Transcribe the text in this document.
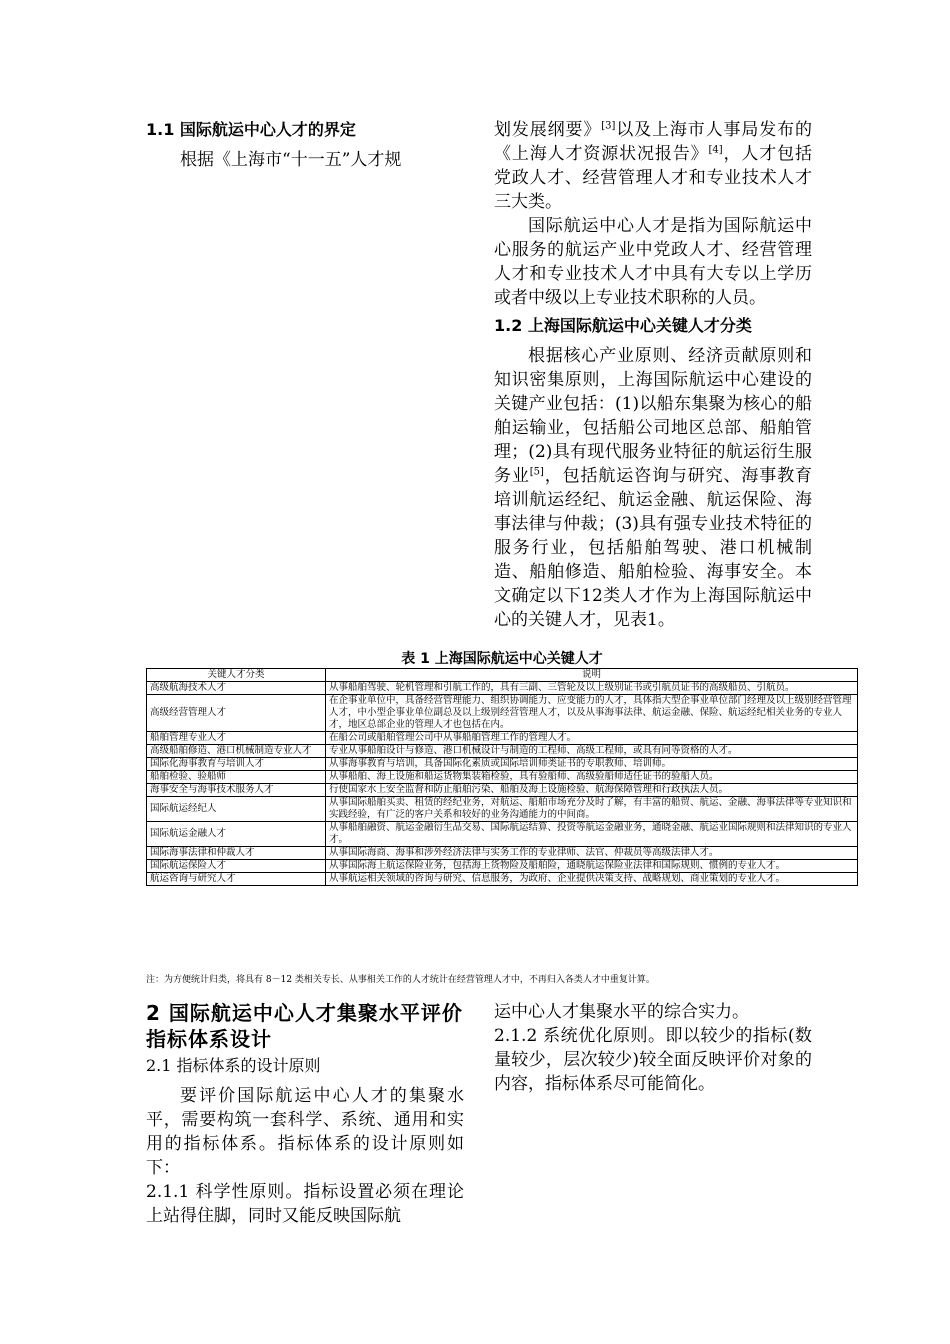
1.1 国际航运中心人才的界定

根据《上海市“十一五”人才规

划发展纲要》[3]以及上海市人事局发布的《上海人才资源状况报告》[4]，人才包括党政人才、经营管理人才和专业技术人才三大类。

国际航运中心人才是指为国际航运中心服务的航运产业中党政人才、经营管理人才和专业技术人才中具有大专以上学历或者中级以上专业技术职称的人员。

1.2 上海国际航运中心关键人才分类

根据核心产业原则、经济贡献原则和知识密集原则，上海国际航运中心建设的关键产业包括：(1)以船东集聚为核心的船舶运输业，包括船公司地区总部、船舶管理；(2)具有现代服务业特征的航运衍生服务业[5]，包括航运咨询与研究、海事教育培训航运经纪、航运金融、航运保险、海事法律与仲裁；(3)具有强专业技术特征的服务行业，包括船舶驾驶、港口机械制造、船舶修造、船舶检验、海事安全。本文确定以下12类人才作为上海国际航运中心的关键人才，见表1。

表 1 上海国际航运中心关键人才
关键人才分类	说明
高级航海技术人才	从事船舶驾驶、轮机管理和引航工作的，具有三副、三管轮及以上级别证书或引航员证书的高级船员、引航员。
高级经营管理人才	在企事业单位中，具备经营管理能力、组织协调能力、应变能力的人才，具体指大型企事业单位部门经理及以上级别经营管理人才，中小型企事业单位副总及以上级别经营管理人才，以及从事海事法律、航运金融、保险、航运经纪相关业务的专业人才，地区总部企业的管理人才也包括在内。
船舶管理专业人才	在船公司或船舶管理公司中从事船舶管理工作的管理人才。
高级船舶修造、港口机械制造专业人才	专业从事船舶设计与修造、港口机械设计与制造的工程师、高级工程师，或具有同等资格的人才。
国际化海事教育与培训人才	从事海事教育与培训，具备国际化素质或国际培训师类证书的专职教师、培训师。
船舶检验、验船师	从事船舶、海上设施和船运货物集装箱检验，具有验船师、高级验船师适任证书的验船人员。
海事安全与海事技术服务人才	行使国家水上安全监督和防止船舶污染、船舶及海上设施检验、航海保障管理和行政执法人员。
国际航运经纪人	从事国际船舶买卖、租赁的经纪业务，对航运、船舶市场充分及时了解，有丰富的船贸、航运、金融、海事法律等专业知识和实践经验，有广泛的客户关系和较好的业务沟通能力的中间商。
国际航运金融人才	从事船舶融资、航运金融衍生品交易、国际航运结算、投资等航运金融业务，通晓金融、航运业国际规则和法律知识的专业人才。
国际海事法律和仲裁人才	从事国际海商、海事和涉外经济法律与实务工作的专业律师、法官、仲裁员等高级法律人才。
国际航运保险人才	从事国际海上航运保险业务，包括海上货物险及船舶险，通晓航运保险业法律和国际规则、惯例的专业人才。
航运咨询与研究人才	从事航运相关领域的咨询与研究、信息服务，为政府、企业提供决策支持、战略规划、商业策划的专业人才。
注：为方便统计归类，将具有 8－12 类相关专长、从事相关工作的人才统计在经营管理人才中，不再归入各类人才中重复计算。
2 国际航运中心人才集聚水平评价指标体系设计
2.1 指标体系的设计原则

要评价国际航运中心人才的集聚水平，需要构筑一套科学、系统、通用和实用的指标体系。指标体系的设计原则如下：

2.1.1 科学性原则。指标设置必须在理论上站得住脚，同时又能反映国际航

运中心人才集聚水平的综合实力。

2.1.2 系统优化原则。即以较少的指标(数量较少，层次较少)较全面反映评价对象的内容，指标体系尽可能简化。
